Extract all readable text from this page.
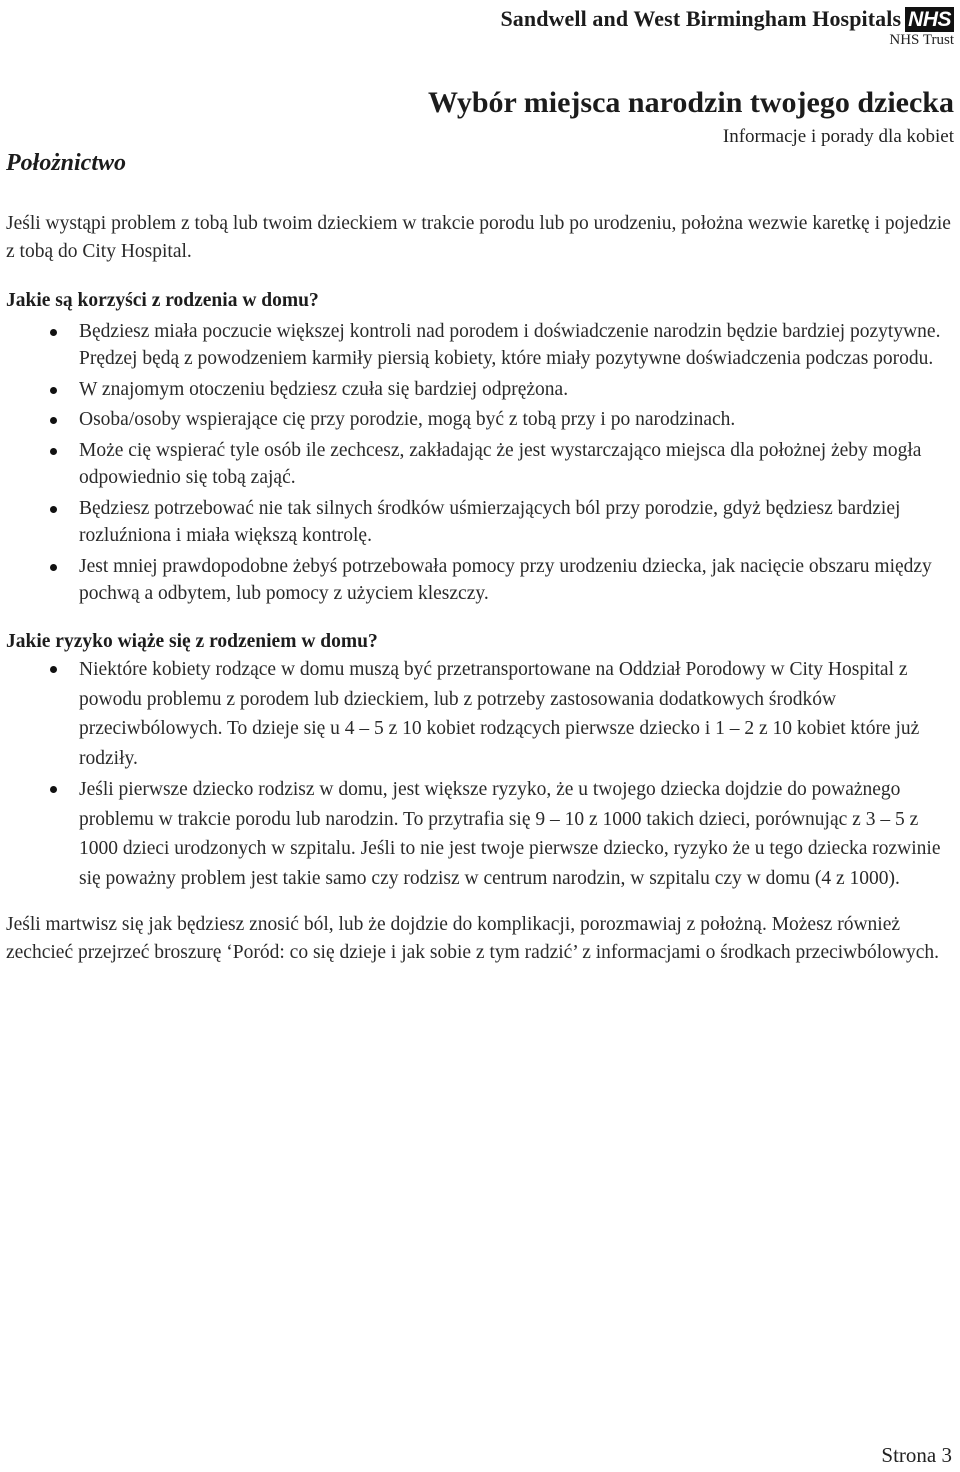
Sandwell and West Birmingham Hospitals NHS
NHS Trust
Wybór miejsca narodzin twojego dziecka
Informacje i porady dla kobiet
Położnictwo

Jeśli wystąpi problem z tobą lub twoim dzieckiem w trakcie porodu lub po urodzeniu, położna wezwie karetkę i pojedzie z tobą do City Hospital.

Jakie są korzyści z rodzenia w domu?
Będziesz miała poczucie większej kontroli nad porodem i doświadczenie narodzin będzie bardziej pozytywne. Prędzej będą z powodzeniem karmiły piersią kobiety, które miały pozytywne doświadczenia podczas porodu.
W znajomym otoczeniu będziesz czuła się bardziej odprężona.
Osoba/osoby wspierające cię przy porodzie, mogą być z tobą przy i po narodzinach.
Może cię wspierać tyle osób ile zechcesz, zakładając że jest wystarczająco miejsca dla położnej żeby mogła odpowiednio się tobą zająć.
Będziesz potrzebować nie tak silnych środków uśmierzających ból przy porodzie, gdyż będziesz bardziej rozluźniona i miała większą kontrolę.
Jest mniej prawdopodobne żebyś potrzebowała pomocy przy urodzeniu dziecka, jak nacięcie obszaru między pochwą a odbytem, lub pomocy z użyciem kleszczy.
Jakie ryzyko wiąże się z rodzeniem w domu?
Niektóre kobiety rodzące w domu muszą być przetransportowane na Oddział Porodowy w City Hospital z powodu problemu z porodem lub dzieckiem, lub z potrzeby zastosowania dodatkowych środków przeciwbólowych. To dzieje się u 4 – 5 z 10 kobiet rodzących pierwsze dziecko i 1 – 2 z 10 kobiet które już rodziły.
Jeśli pierwsze dziecko rodzisz w domu, jest większe ryzyko, że u twojego dziecka dojdzie do poważnego problemu w trakcie porodu lub narodzin. To przytrafia się 9 – 10 z 1000 takich dzieci, porównując z 3 – 5 z 1000 dzieci urodzonych w szpitalu. Jeśli to nie jest twoje pierwsze dziecko, ryzyko że u tego dziecka rozwinie się poważny problem jest takie samo czy rodzisz w centrum narodzin, w szpitalu czy w domu (4 z 1000).

Jeśli martwisz się jak będziesz znosić ból, lub że dojdzie do komplikacji, porozmawiaj z położną. Możesz również zechcieć przejrzeć broszurę ‘Poród: co się dzieje i jak sobie z tym radzić’ z informacjami o środkach przeciwbólowych.

Strona 3
